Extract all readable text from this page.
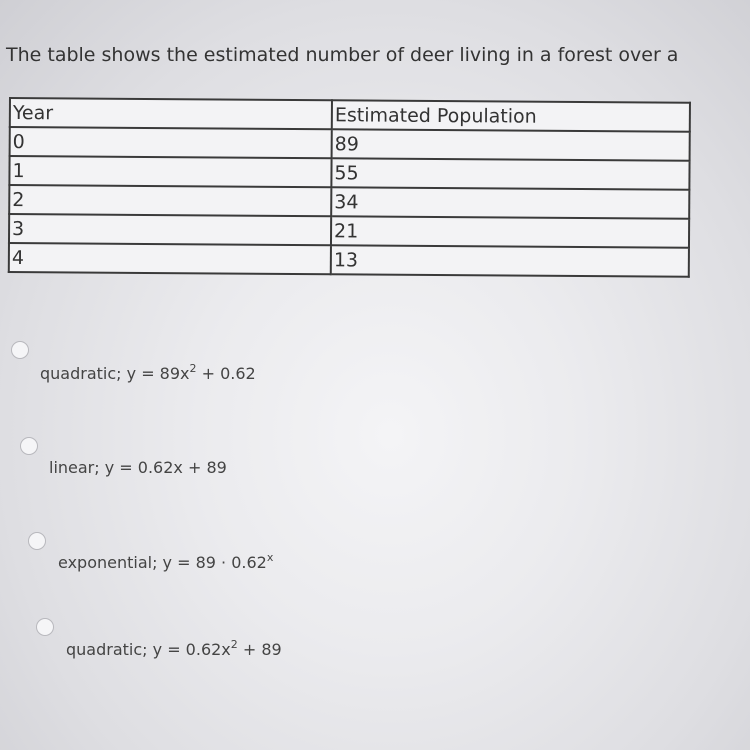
The table shows the estimated number of deer living in a forest over a
Year	Estimated Population
0	89
1	55
2	34
3	21
4	13
quadratic; $y = 89x^2 + 0.62$
linear; y = 0.62x + 89
exponential; $y = 89 \cdot 0.62^x$
quadratic; $y = 0.62x^2 + 89$
